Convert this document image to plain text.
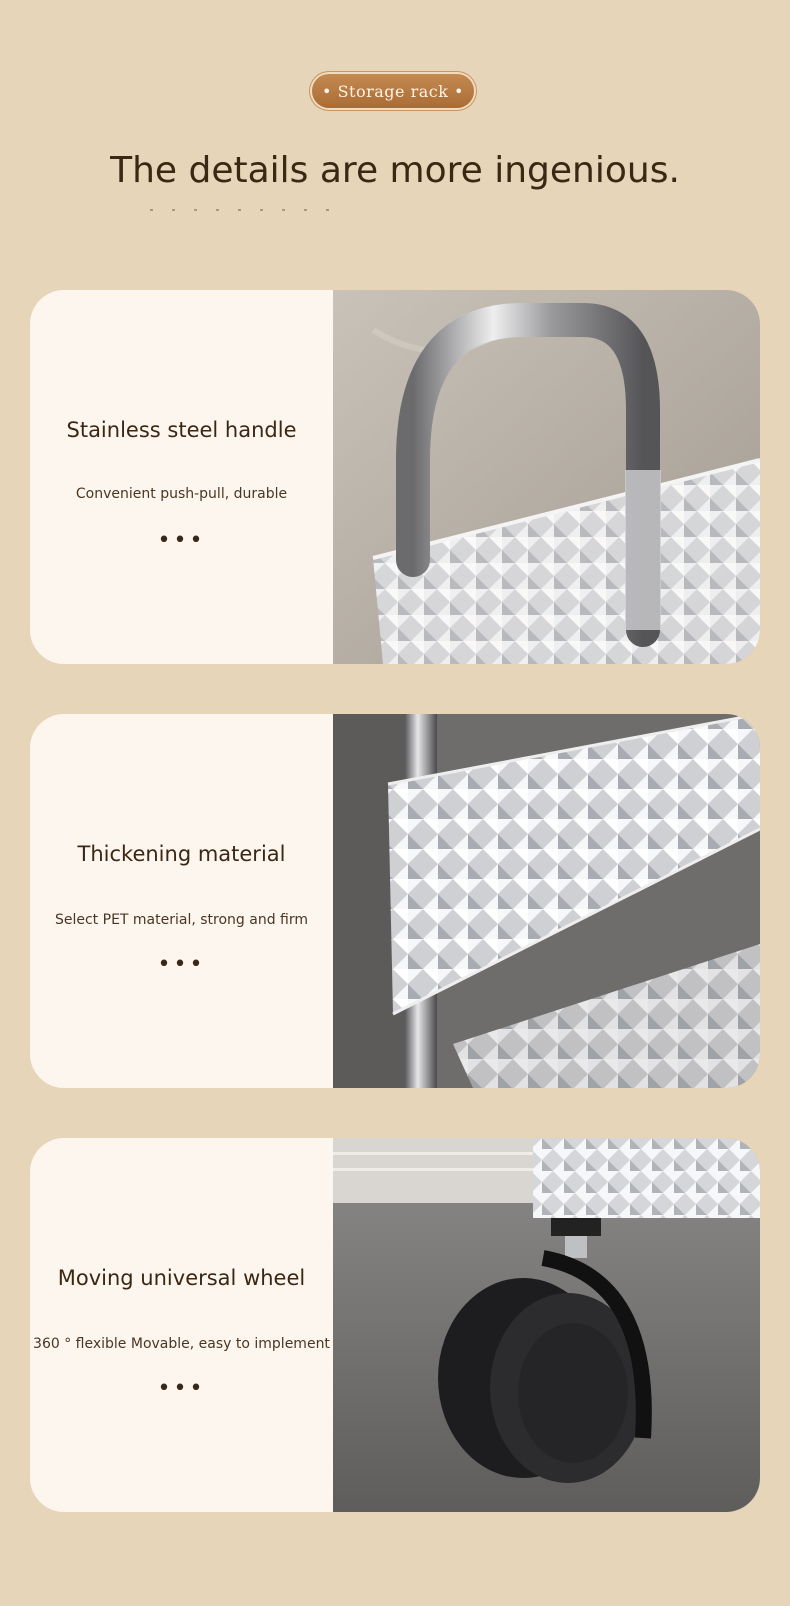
• Storage rack •
The details are more ingenious.
Stainless steel handle
Convenient push-pull, durable
•••
Thickening material
Select PET material, strong and firm
•••
Moving universal wheel
360 ° flexible Movable, easy to implement
•••
